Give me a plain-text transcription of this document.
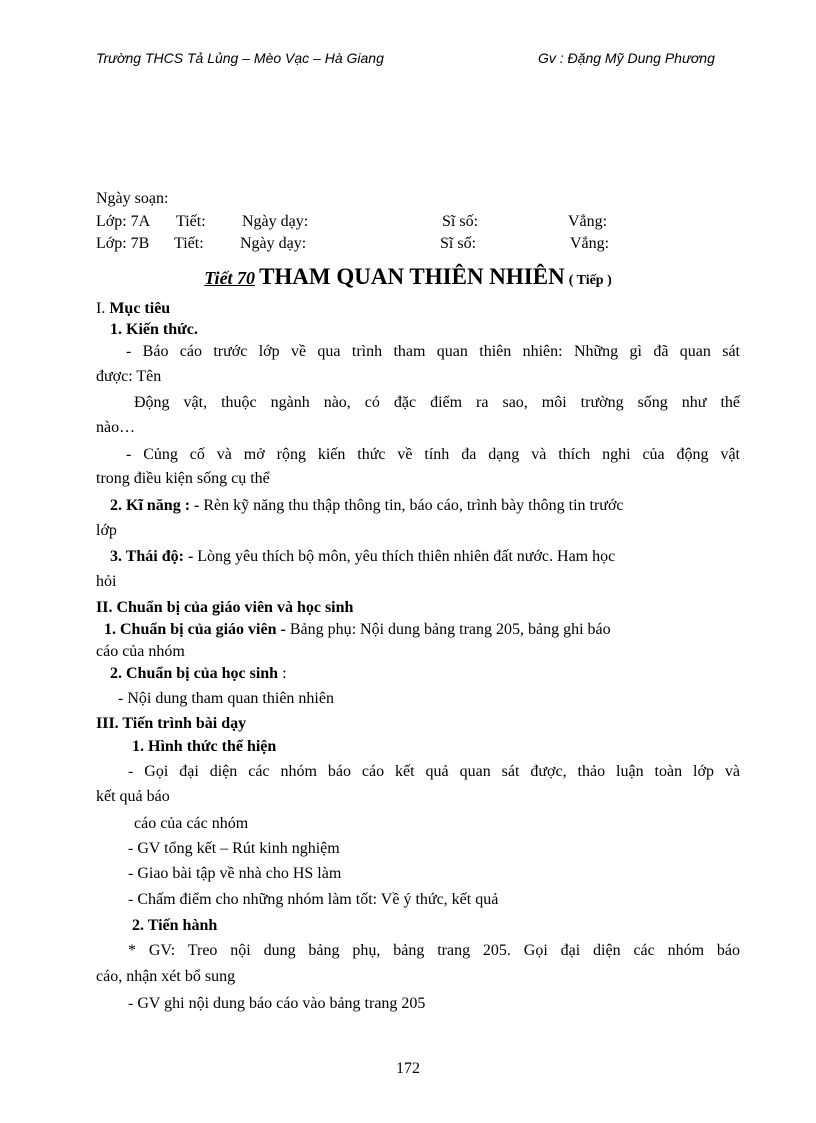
Trường THCS Tả Lủng – Mèo Vạc – Hà Giang	Gv : Đặng Mỹ Dung Phương
Ngày soạn:
Lớp: 7A Tiết: Ngày dạy:	Sĩ số:	Vắng:
Lớp: 7B Tiết: Ngày dạy:	Sĩ số:	Vắng:
Tiết 70 THAM QUAN THIÊN NHIÊN ( Tiếp )
I. Mục tiêu
1. Kiến thức.
- Báo cáo trước lớp về qua trình tham quan thiên nhiên: Những gì đã quan sát
được: Tên
Động vật, thuộc ngành nào, có đặc điểm ra sao, môi trường sống như thế
nào…
- Củng cố và mở rộng kiến thức về tính đa dạng và thích nghi của động vật
trong điều kiện sống cụ thể
2. Kĩ năng : - Rèn kỹ năng thu thập thông tin, báo cáo, trình bày thông tin trước
lớp
3. Thái độ: - Lòng yêu thích bộ môn, yêu thích thiên nhiên đất nước. Ham học
hỏi
II. Chuẩn bị của giáo viên và học sinh
1. Chuẩn bị của giáo viên - Bảng phụ: Nội dung bảng trang 205, bảng ghi báo
cáo của nhóm
2. Chuẩn bị của học sinh :
- Nội dung tham quan thiên nhiên
III. Tiến trình bài dạy
1. Hình thức thể hiện
- Gọi đại diện các nhóm báo cáo kết quả quan sát được, thảo luận toàn lớp và
kết quả báo
cáo của các nhóm
- GV tổng kết – Rút kinh nghiệm
- Giao bài tập về nhà cho HS làm
- Chấm điểm cho những nhóm làm tốt: Về ý thức, kết quả
2. Tiến hành
* GV: Treo nội dung bảng phụ, bảng trang 205. Gọi đại diện các nhóm báo
cáo, nhận xét bổ sung
- GV ghi nội dung báo cáo vào bảng trang 205
172
